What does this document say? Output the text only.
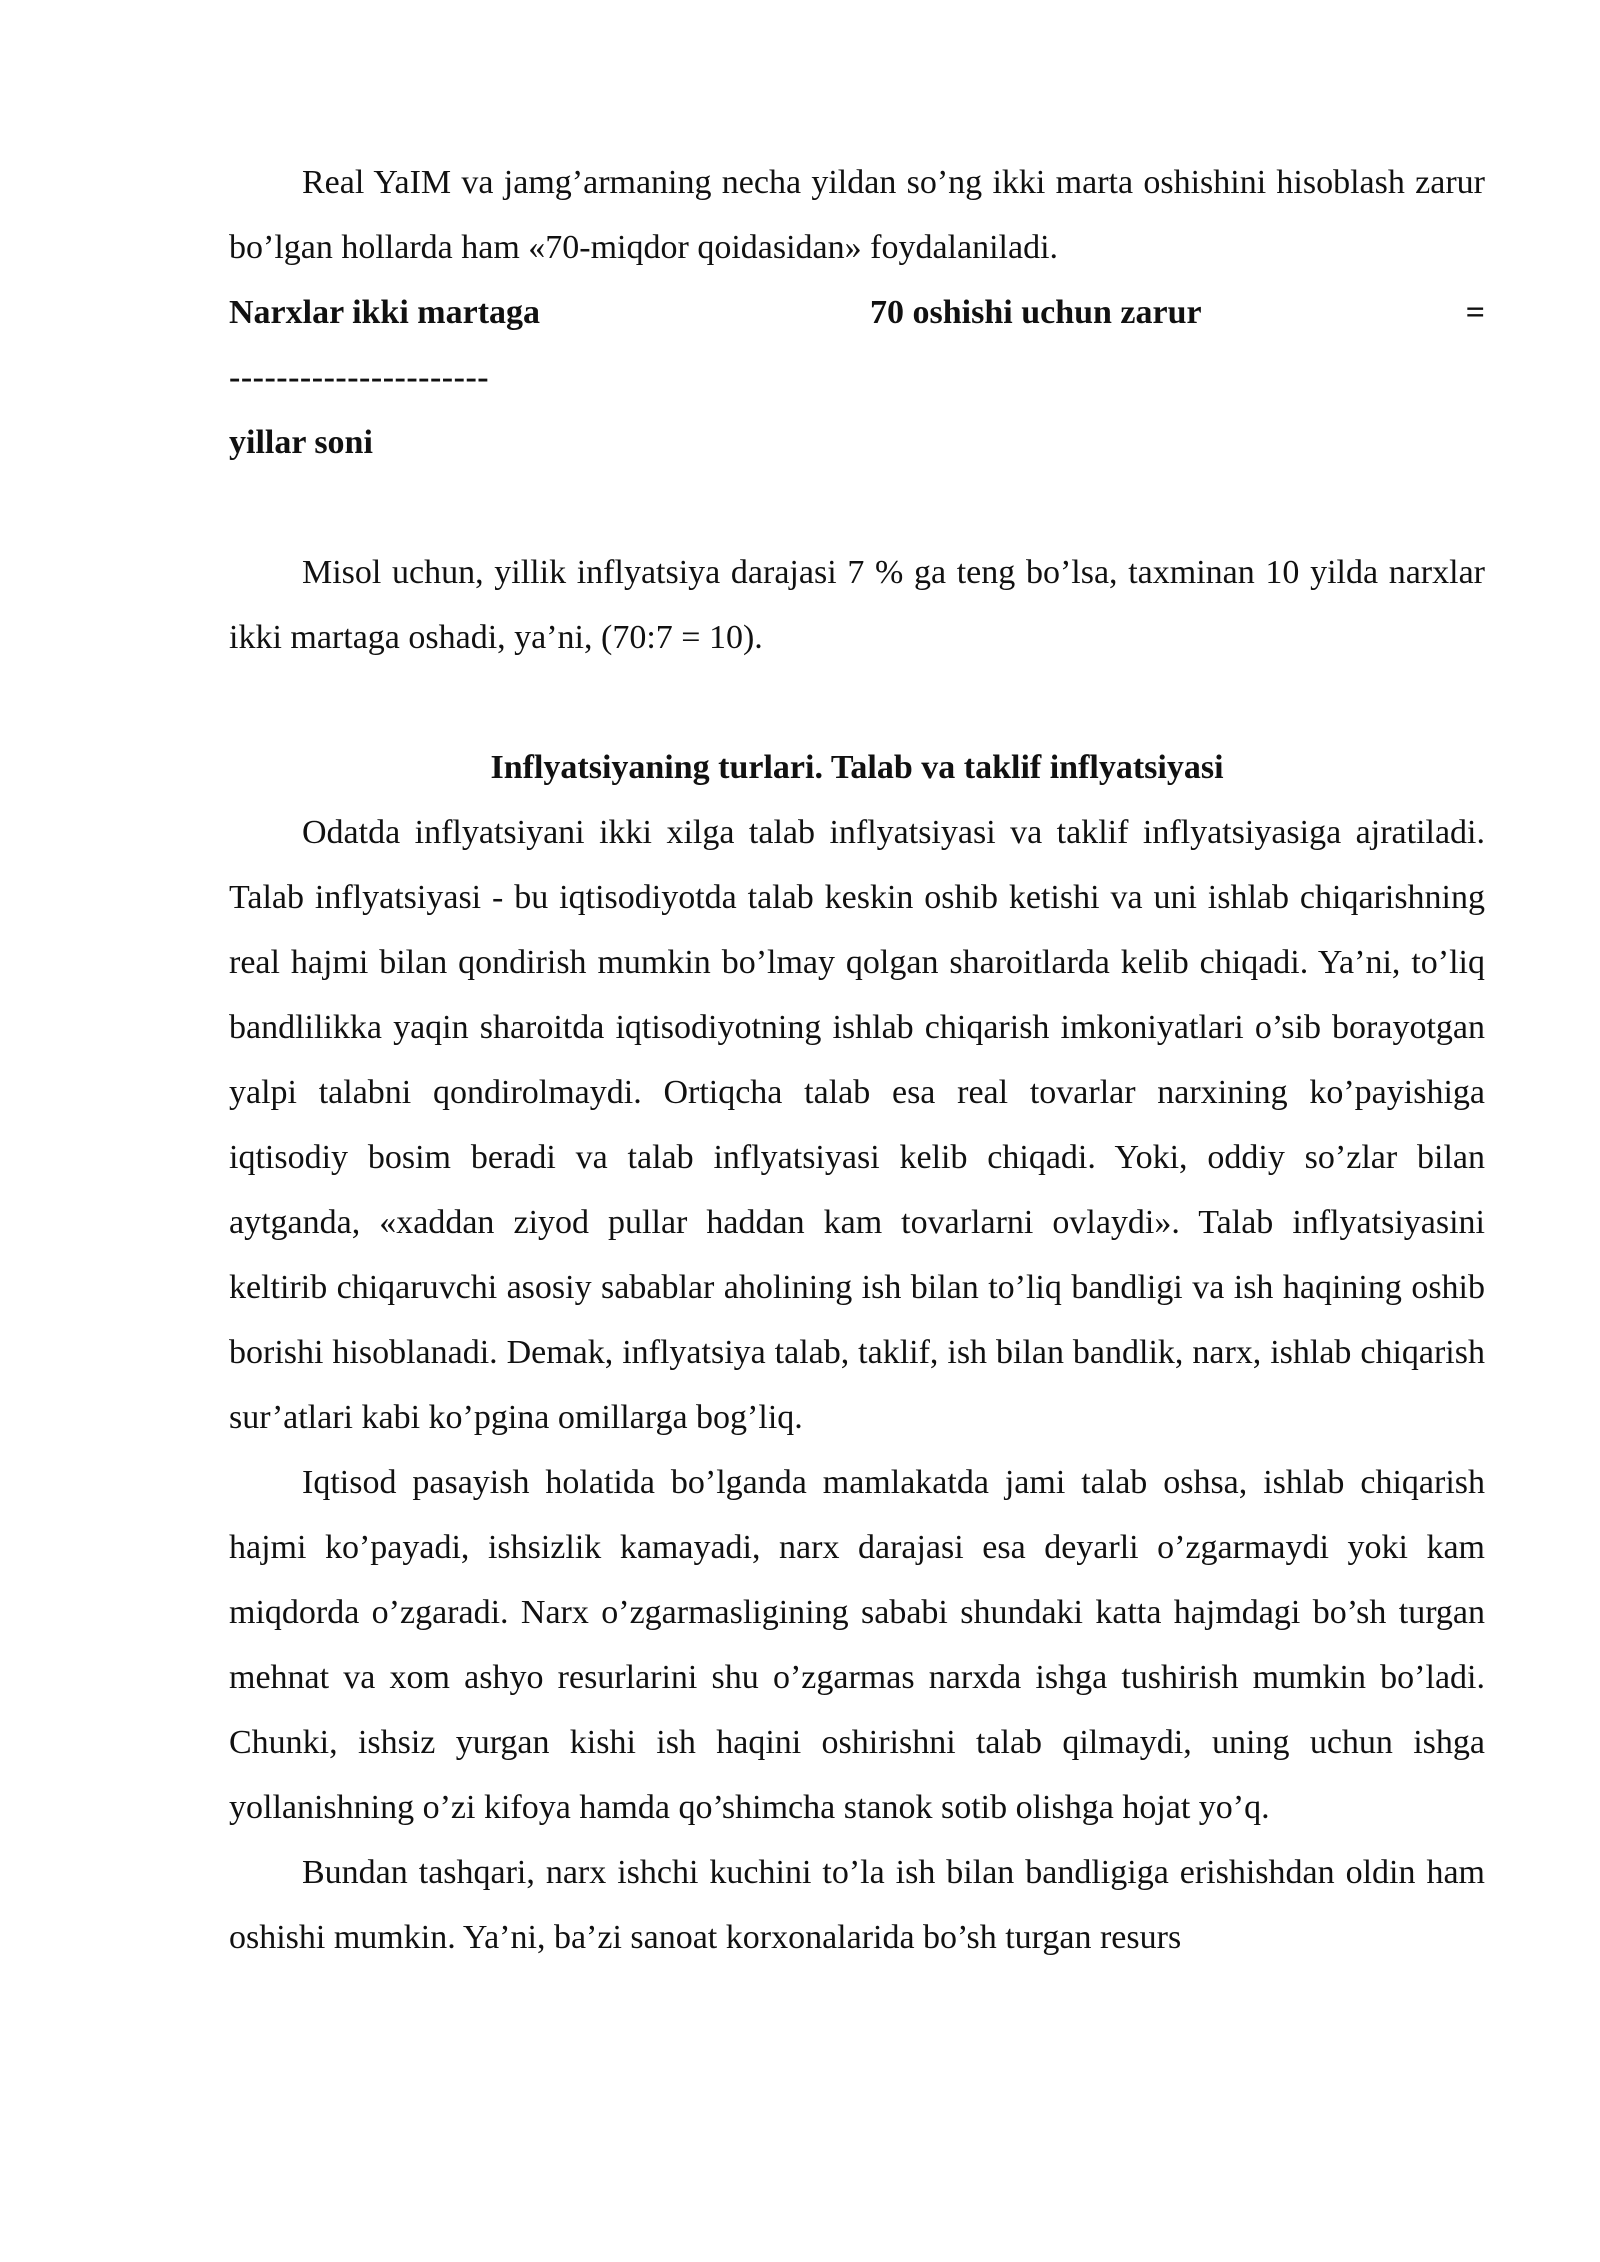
Real YaIM va jamg’armaning necha yildan so’ng ikki marta oshishini hisoblash zarur bo’lgan hollarda ham «70-miqdor qoidasidan» foydalaniladi.

Narxlar ikki martaga	70 oshishi uchun zarur	=

----------------------

yillar soni

Misol uchun, yillik inflyatsiya darajasi 7 % ga teng bo’lsa, taxminan 10 yilda narxlar ikki martaga oshadi, ya’ni, (70:7 = 10).

Inflyatsiyaning turlari. Talab va taklif inflyatsiyasi

Odatda inflyatsiyani ikki xilga talab inflyatsiyasi va taklif inflyatsiyasiga ajratiladi. Talab inflyatsiyasi - bu iqtisodiyotda talab keskin oshib ketishi va uni ishlab chiqarishning real hajmi bilan qondirish mumkin bo’lmay qolgan sharoitlarda kelib chiqadi. Ya’ni, to’liq bandlilikka yaqin sharoitda iqtisodiyotning ishlab chiqarish imkoniyatlari o’sib borayotgan yalpi talabni qondirolmaydi. Ortiqcha talab esa real tovarlar narxining ko’payishiga iqtisodiy bosim beradi va talab inflyatsiyasi kelib chiqadi. Yoki, oddiy so’zlar bilan aytganda, «xaddan ziyod pullar haddan kam tovarlarni ovlaydi». Talab inflyatsiyasini keltirib chiqaruvchi asosiy sabablar aholining ish bilan to’liq bandligi va ish haqining oshib borishi hisoblanadi. Demak, inflyatsiya talab, taklif, ish bilan bandlik, narx, ishlab chiqarish sur’atlari kabi ko’pgina omillarga bog’liq.

Iqtisod pasayish holatida bo’lganda mamlakatda jami talab oshsa, ishlab chiqarish hajmi ko’payadi, ishsizlik kamayadi, narx darajasi esa deyarli o’zgarmaydi yoki kam miqdorda o’zgaradi. Narx o’zgarmasligining sababi shundaki katta hajmdagi bo’sh turgan mehnat va xom ashyo resurlarini shu o’zgarmas narxda ishga tushirish mumkin bo’ladi. Chunki, ishsiz yurgan kishi ish haqini oshirishni talab qilmaydi, uning uchun ishga yollanishning o’zi kifoya hamda qo’shimcha stanok sotib olishga hojat yo’q.

Bundan tashqari, narx ishchi kuchini to’la ish bilan bandligiga erishishdan oldin ham oshishi mumkin. Ya’ni, ba’zi sanoat korxonalarida bo’sh turgan resurs
